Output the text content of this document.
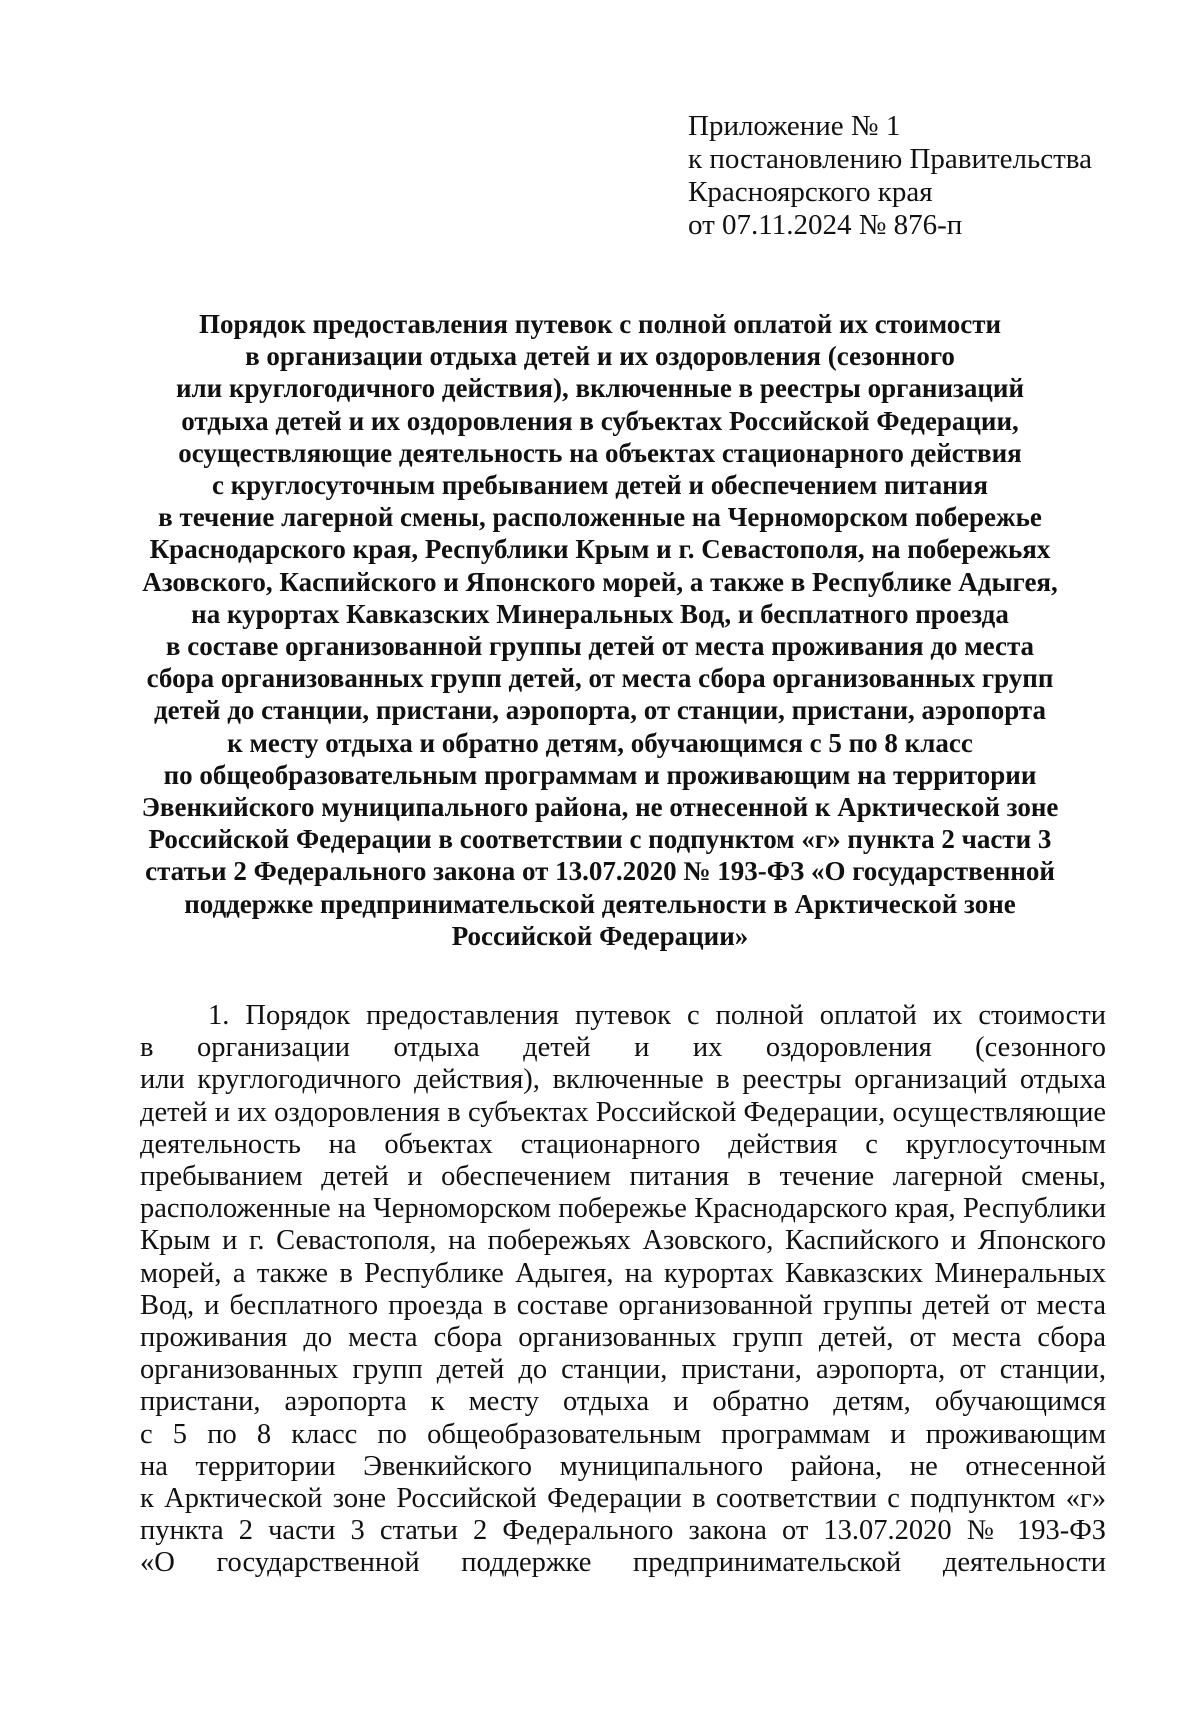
Приложение № 1
к постановлению Правительства
Красноярского края
от 07.11.2024 № 876-п
Порядок предоставления путевок с полной оплатой их стоимости
в организации отдыха детей и их оздоровления (сезонного
или круглогодичного действия), включенные в реестры организаций
отдыха детей и их оздоровления в субъектах Российской Федерации,
осуществляющие деятельность на объектах стационарного действия
с круглосуточным пребыванием детей и обеспечением питания
в течение лагерной смены, расположенные на Черноморском побережье
Краснодарского края, Республики Крым и г. Севастополя, на побережьях
Азовского, Каспийского и Японского морей, а также в Республике Адыгея,
на курортах Кавказских Минеральных Вод, и бесплатного проезда
в составе организованной группы детей от места проживания до места
сбора организованных групп детей, от места сбора организованных групп
детей до станции, пристани, аэропорта, от станции, пристани, аэропорта
к месту отдыха и обратно детям, обучающимся с 5 по 8 класс
по общеобразовательным программам и проживающим на территории
Эвенкийского муниципального района, не отнесенной к Арктической зоне
Российской Федерации в соответствии с подпунктом «г» пункта 2 части 3
статьи 2 Федерального закона от 13.07.2020 № 193-ФЗ «О государственной
поддержке предпринимательской деятельности в Арктической зоне
Российской Федерации»
1. Порядок предоставления путевок с полной оплатой их стоимости
в организации отдыха детей и их оздоровления (сезонного
или круглогодичного действия), включенные в реестры организаций отдыха
детей и их оздоровления в субъектах Российской Федерации, осуществляющие
деятельность на объектах стационарного действия с круглосуточным
пребыванием детей и обеспечением питания в течение лагерной смены,
расположенные на Черноморском побережье Краснодарского края, Республики
Крым и г. Севастополя, на побережьях Азовского, Каспийского и Японского
морей, а также в Республике Адыгея, на курортах Кавказских Минеральных
Вод, и бесплатного проезда в составе организованной группы детей от места
проживания до места сбора организованных групп детей, от места сбора
организованных групп детей до станции, пристани, аэропорта, от станции,
пристани, аэропорта к месту отдыха и обратно детям, обучающимся
с 5 по 8 класс по общеобразовательным программам и проживающим
на территории Эвенкийского муниципального района, не отнесенной
к Арктической зоне Российской Федерации в соответствии с подпунктом «г»
пункта 2 части 3 статьи 2 Федерального закона от 13.07.2020 № 193-ФЗ
«О государственной поддержке предпринимательской деятельности
